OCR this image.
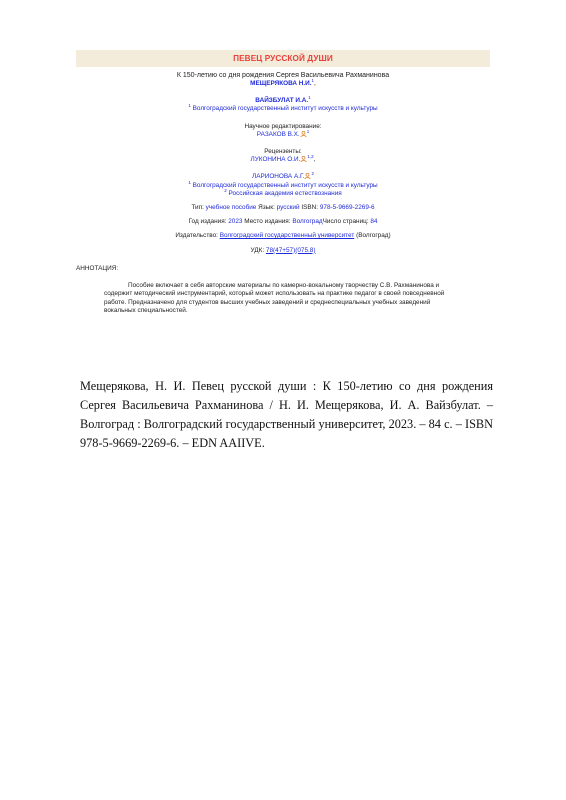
ПЕВЕЦ РУССКОЙ ДУШИ
К 150-летию со дня рождения Сергея Васильевича Рахманинова
МЕЩЕРЯКОВА Н.И.$^1$,
ВАЙЗБУЛАТ И.А.$^1$
$^1$ Волгоградский государственный институт искусств и культуры
Научное редактирование:
РАЗАКОВ В.Х. $^1$
Рецензенты:
ЛУКОНИНА О.И. $^{1,2}$,
ЛАРИОНОВА А.Г. $^2$
$^1$ Волгоградский государственный институт искусств и культуры
$^2$ Российская академия естествознания
Тип: учебное пособие Язык: русский ISBN: 978-5-9669-2269-6
Год издания: 2023 Место издания: ВолгоградЧисло страниц: 84
Издательство: Волгоградский государственный университет (Волгоград)
УДК: 78(47+57)(075.8)
АННОТАЦИЯ:
Пособие включает в себя авторские материалы по камерно-вокальному творчеству С.В. Рахманинова и содержит методический инструментарий, который может использовать на практике педагог в своей повседневной работе. Предназначено для студентов высших учебных заведений и среднеспециальных учебных заведений вокальных специальностей.
Мещерякова, Н. И. Певец русской души : К 150-летию со дня рождения Сергея Васильевича Рахманинова / Н. И. Мещерякова, И. А. Вайзбулат. – Волгоград : Волгоградский государственный университет, 2023. – 84 с. – ISBN 978-5-9669-2269-6. – EDN AAIIVE.
